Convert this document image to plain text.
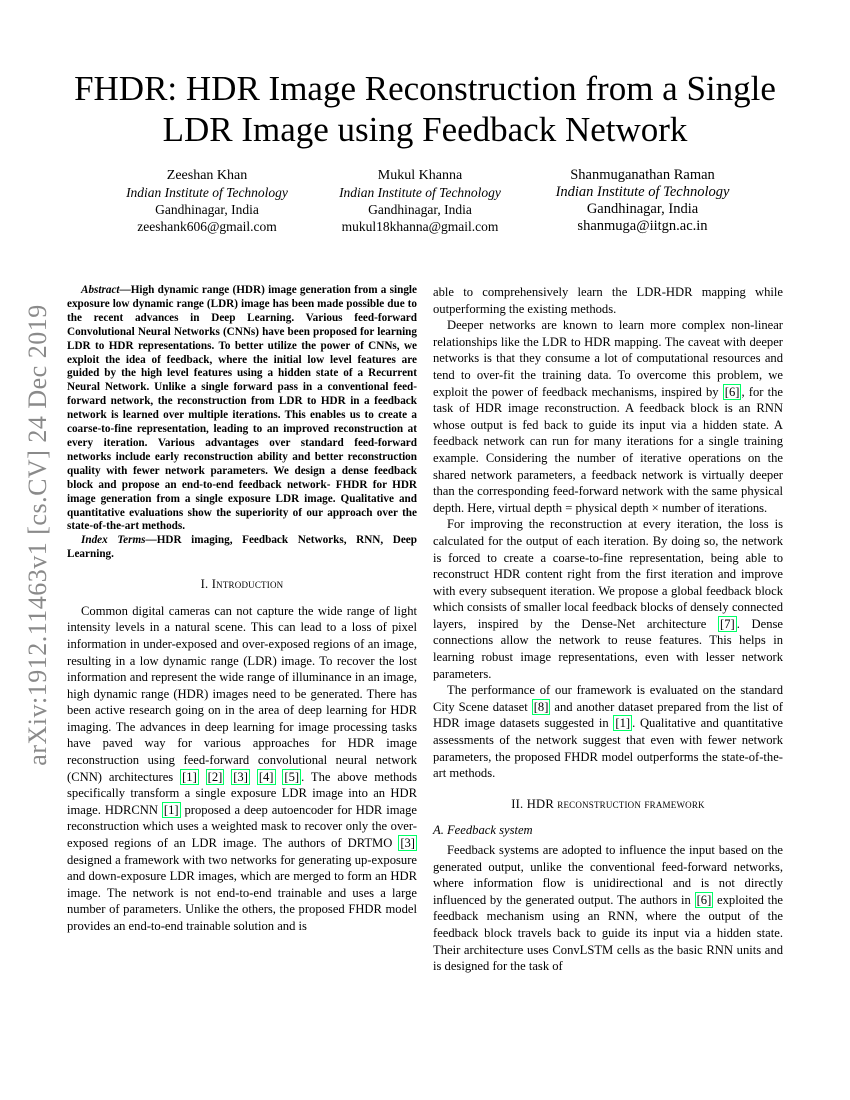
arXiv:1912.11463v1 [cs.CV] 24 Dec 2019
FHDR: HDR Image Reconstruction from a Single LDR Image using Feedback Network
Zeeshan Khan
Indian Institute of Technology
Gandhinagar, India
zeeshank606@gmail.com
Mukul Khanna
Indian Institute of Technology
Gandhinagar, India
mukul18khanna@gmail.com
Shanmuganathan Raman
Indian Institute of Technology
Gandhinagar, India
shanmuga@iitgn.ac.in

Abstract—High dynamic range (HDR) image generation from a single exposure low dynamic range (LDR) image has been made possible due to the recent advances in Deep Learning. Various feed-forward Convolutional Neural Networks (CNNs) have been proposed for learning LDR to HDR representations. To better utilize the power of CNNs, we exploit the idea of feedback, where the initial low level features are guided by the high level features using a hidden state of a Recurrent Neural Network. Unlike a single forward pass in a conventional feed-forward network, the reconstruction from LDR to HDR in a feedback network is learned over multiple iterations. This enables us to create a coarse-to-fine representation, leading to an improved reconstruction at every iteration. Various advantages over standard feed-forward networks include early reconstruction ability and better reconstruction quality with fewer network parameters. We design a dense feedback block and propose an end-to-end feedback network- FHDR for HDR image generation from a single exposure LDR image. Qualitative and quantitative evaluations show the superiority of our approach over the state-of-the-art methods.

Index Terms—HDR imaging, Feedback Networks, RNN, Deep Learning.

I. Introduction

Common digital cameras can not capture the wide range of light intensity levels in a natural scene. This can lead to a loss of pixel information in under-exposed and over-exposed regions of an image, resulting in a low dynamic range (LDR) image. To recover the lost information and represent the wide range of illuminance in an image, high dynamic range (HDR) images need to be generated. There has been active research going on in the area of deep learning for HDR imaging. The advances in deep learning for image processing tasks have paved way for various approaches for HDR image reconstruction using feed-forward convolutional neural network (CNN) architectures [1] [2] [3] [4] [5] . The above methods specifically transform a single exposure LDR image into an HDR image. HDRCNN [1] proposed a deep autoencoder for HDR image reconstruction which uses a weighted mask to recover only the over-exposed regions of an LDR image. The authors of DRTMO [3] designed a framework with two networks for generating up-exposure and down-exposure LDR images, which are merged to form an HDR image. The network is not end-to-end trainable and uses a large number of parameters. Unlike the others, the proposed FHDR model provides an end-to-end trainable solution and is

able to comprehensively learn the LDR-HDR mapping while outperforming the existing methods.

Deeper networks are known to learn more complex non-linear relationships like the LDR to HDR mapping. The caveat with deeper networks is that they consume a lot of computational resources and tend to over-fit the training data. To overcome this problem, we exploit the power of feedback mechanisms, inspired by [6] , for the task of HDR image reconstruction. A feedback block is an RNN whose output is fed back to guide its input via a hidden state. A feedback network can run for many iterations for a single training example. Considering the number of iterative operations on the shared network parameters, a feedback network is virtually deeper than the corresponding feed-forward network with the same physical depth. Here, virtual depth = physical depth × number of iterations.

For improving the reconstruction at every iteration, the loss is calculated for the output of each iteration. By doing so, the network is forced to create a coarse-to-fine representation, being able to reconstruct HDR content right from the first iteration and improve with every subsequent iteration. We propose a global feedback block which consists of smaller local feedback blocks of densely connected layers, inspired by the Dense-Net architecture [7] . Dense connections allow the network to reuse features. This helps in learning robust image representations, even with lesser network parameters.

The performance of our framework is evaluated on the standard City Scene dataset [8] and another dataset prepared from the list of HDR image datasets suggested in [1] . Qualitative and quantitative assessments of the network suggest that even with fewer network parameters, the proposed FHDR model outperforms the state-of-the-art methods.

II. HDR reconstruction framework
A. Feedback system

Feedback systems are adopted to influence the input based on the generated output, unlike the conventional feed-forward networks, where information flow is unidirectional and is not directly influenced by the generated output. The authors in [6] exploited the feedback mechanism using an RNN, where the output of the feedback block travels back to guide its input via a hidden state. Their architecture uses ConvLSTM cells as the basic RNN units and is designed for the task of
